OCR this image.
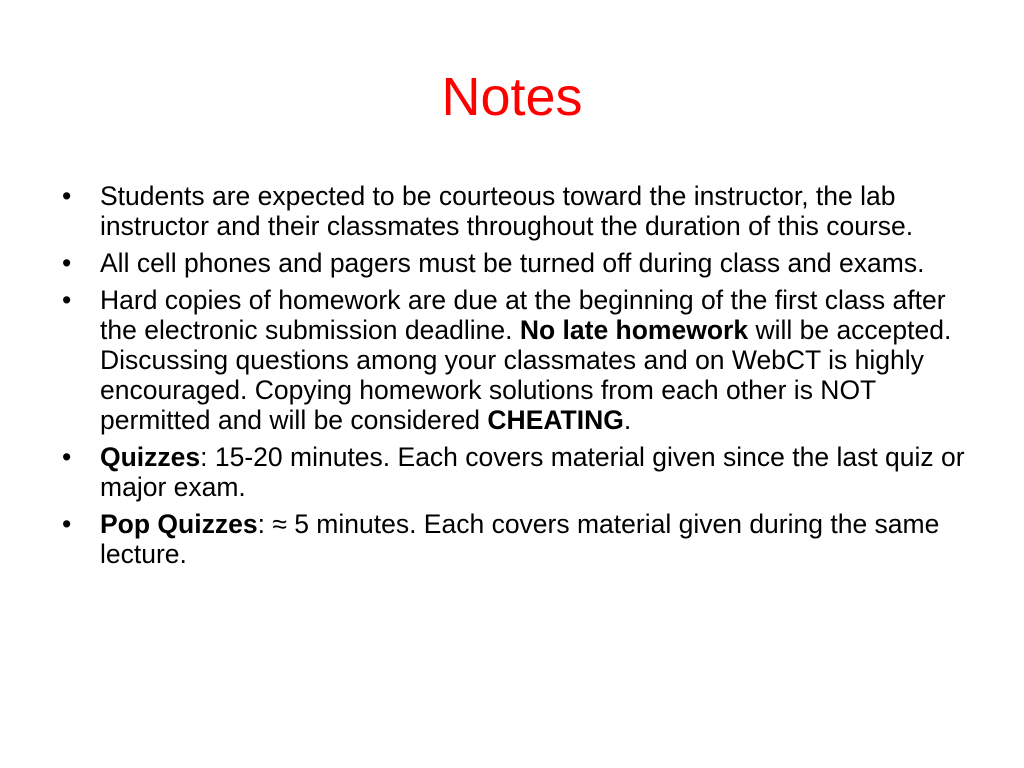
Notes
• Students are expected to be courteous toward the instructor, the lab instructor and their classmates throughout the duration of this course.
• All cell phones and pagers must be turned off during class and exams.
• Hard copies of homework are due at the beginning of the first class after the electronic submission deadline. No late homework will be accepted. Discussing questions among your classmates and on WebCT is highly encouraged. Copying homework solutions from each other is NOT permitted and will be considered CHEATING.
• Quizzes: 15-20 minutes. Each covers material given since the last quiz or major exam.
• Pop Quizzes: ≈ 5 minutes. Each covers material given during the same lecture.
